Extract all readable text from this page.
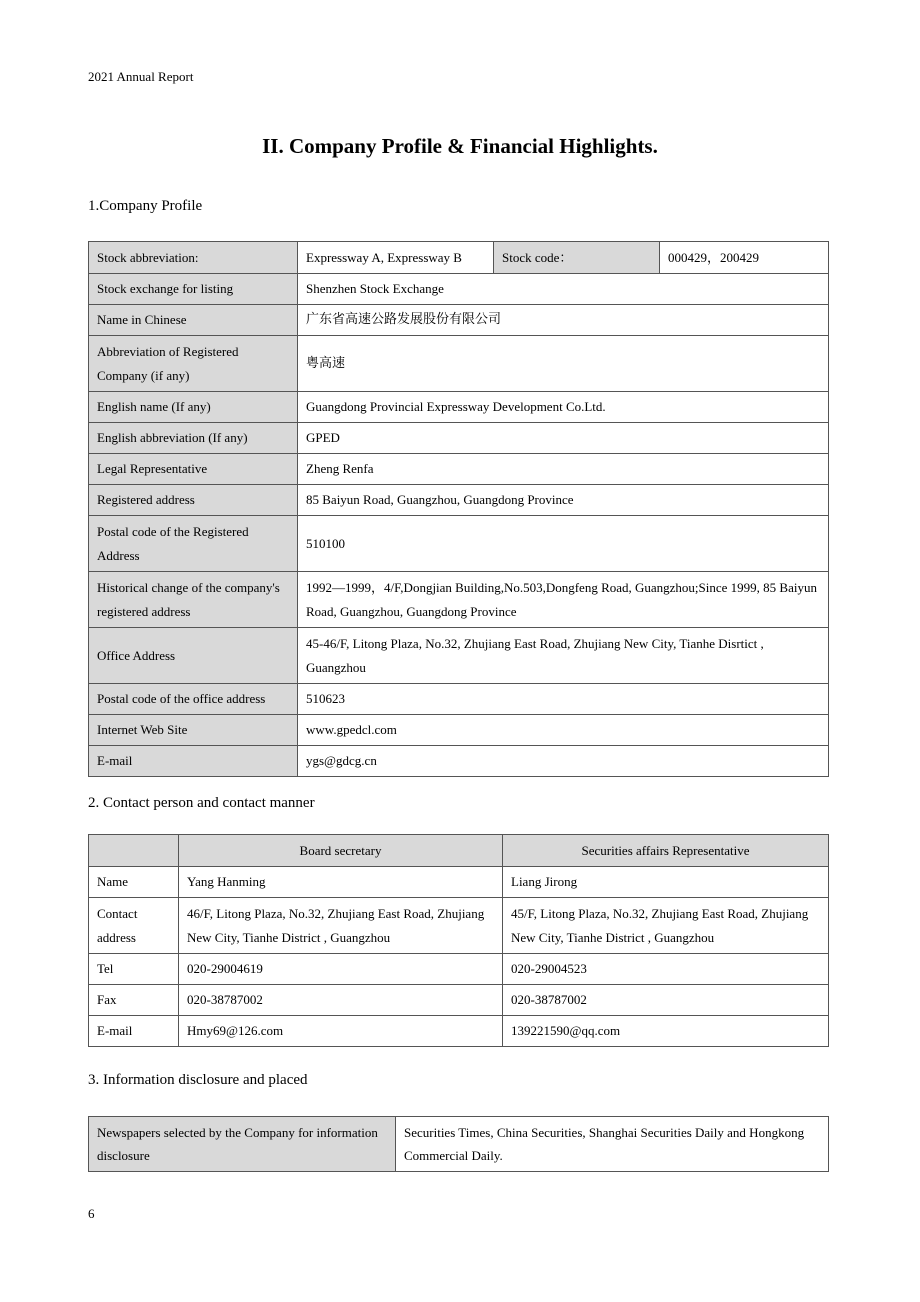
2021 Annual Report
II. Company Profile & Financial Highlights.
1.Company Profile
Stock abbreviation:	Expressway A, Expressway B	Stock code：	000429，200429
Stock exchange for listing	Shenzhen Stock Exchange		
Name in Chinese	广东省高速公路发展股份有限公司		
Abbreviation of Registered Company (if any)	粤高速		
English name (If any)	Guangdong Provincial Expressway Development Co.Ltd.		
English abbreviation (If any)	GPED		
Legal Representative	Zheng Renfa		
Registered address	85 Baiyun Road, Guangzhou, Guangdong Province		
Postal code of the Registered Address	510100		
Historical change of the company's registered address	1992—1999，4/F,Dongjian Building,No.503,Dongfeng Road, Guangzhou;Since 1999, 85 Baiyun Road, Guangzhou, Guangdong Province		
Office Address	45-46/F, Litong Plaza, No.32, Zhujiang East Road, Zhujiang New City, Tianhe Disrtict , Guangzhou		
Postal code of the office address	510623		
Internet Web Site	www.gpedcl.com		
E-mail	ygs@gdcg.cn		
2. Contact person and contact manner
	Board secretary	Securities affairs Representative
Name	Yang Hanming	Liang Jirong
Contact address	46/F, Litong Plaza, No.32, Zhujiang East Road, Zhujiang New City, Tianhe District , Guangzhou	45/F, Litong Plaza, No.32, Zhujiang East Road, Zhujiang New City, Tianhe District , Guangzhou
Tel	020-29004619	020-29004523
Fax	020-38787002	020-38787002
E-mail	Hmy69@126.com	139221590@qq.com
3. Information disclosure and placed
Newspapers selected by the Company for information disclosure	Securities Times, China Securities, Shanghai Securities Daily and Hongkong Commercial Daily.
6
